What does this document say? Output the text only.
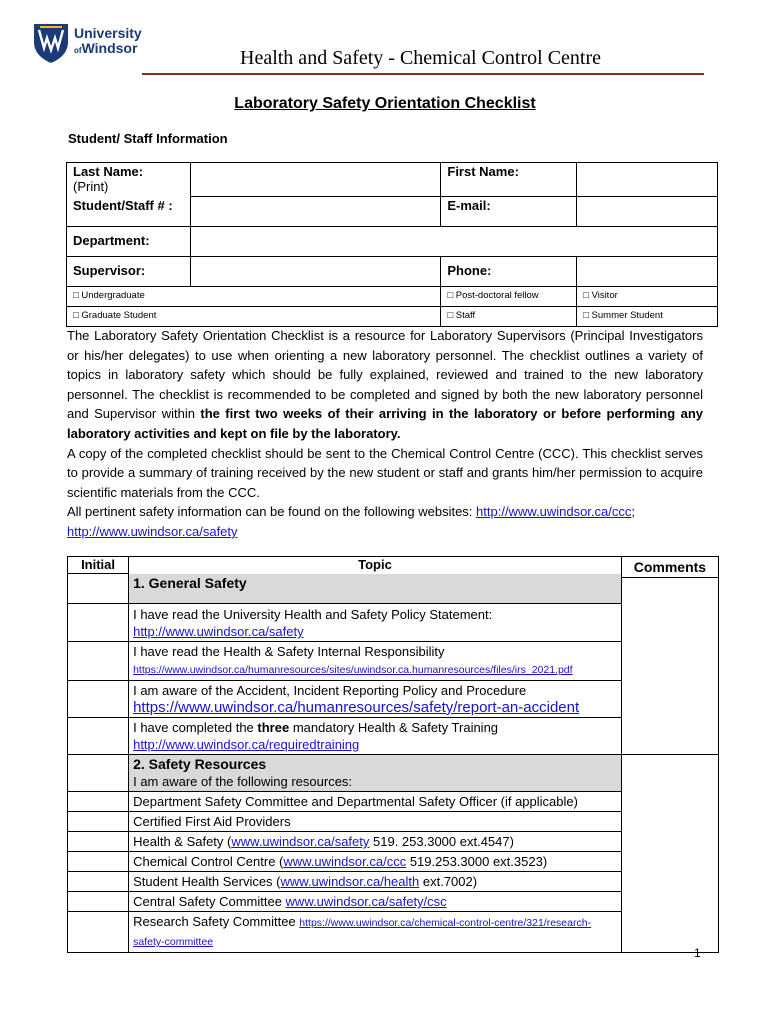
University
ofWindsor	Health and Safety - Chemical Control Centre
Laboratory Safety Orientation Checklist
Student/ Staff Information
Last Name:
(Print)		First Name:	
Student/Staff # :		E-mail:	
Department:			
Supervisor:		Phone:	
□ Undergraduate		□ Post-doctoral fellow	□ Visitor
□ Graduate Student		□ Staff	□ Summer Student

The Laboratory Safety Orientation Checklist is a resource for Laboratory Supervisors (Principal Investigators or his/her delegates) to use when orienting a new laboratory personnel. The checklist outlines a variety of topics in laboratory safety which should be fully explained, reviewed and trained to the new laboratory personnel. The checklist is recommended to be completed and signed by both the new laboratory personnel and Supervisor within the first two weeks of their arriving in the laboratory or before performing any laboratory activities and kept on file by the laboratory.

A copy of the completed checklist should be sent to the Chemical Control Centre (CCC). This checklist serves to provide a summary of training received by the new student or staff and grants him/her permission to acquire scientific materials from the CCC.

All pertinent safety information can be found on the following websites: http://www.uwindsor.ca/ccc;
http://www.uwindsor.ca/safety

Initial	Topic	Comments

	1. General Safety	

	I have read the University Health and Safety Policy Statement:
http://www.uwindsor.ca/safety	

	I have read the Health & Safety Internal Responsibility
https://www.uwindsor.ca/humanresources/sites/uwindsor.ca.humanresources/files/irs_2021.pdf	

	I am aware of the Accident, Incident Reporting Policy and Procedure
https://www.uwindsor.ca/humanresources/safety/report-an-accident	

	I have completed the three mandatory Health & Safety Training
http://www.uwindsor.ca/requiredtraining	

	2. Safety Resources
I am aware of the following resources:	

	Department Safety Committee and Departmental Safety Officer (if applicable)	
	Certified First Aid Providers	
	Health & Safety (www.uwindsor.ca/safety 519. 253.3000 ext.4547)	
	Chemical Control Centre (www.uwindsor.ca/ccc 519.253.3000 ext.3523)	
	Student Health Services (www.uwindsor.ca/health ext.7002)	
	Central Safety Committee www.uwindsor.ca/safety/csc	
	Research Safety Committee https://www.uwindsor.ca/chemical-control-centre/321/research-safety-committee	
1
